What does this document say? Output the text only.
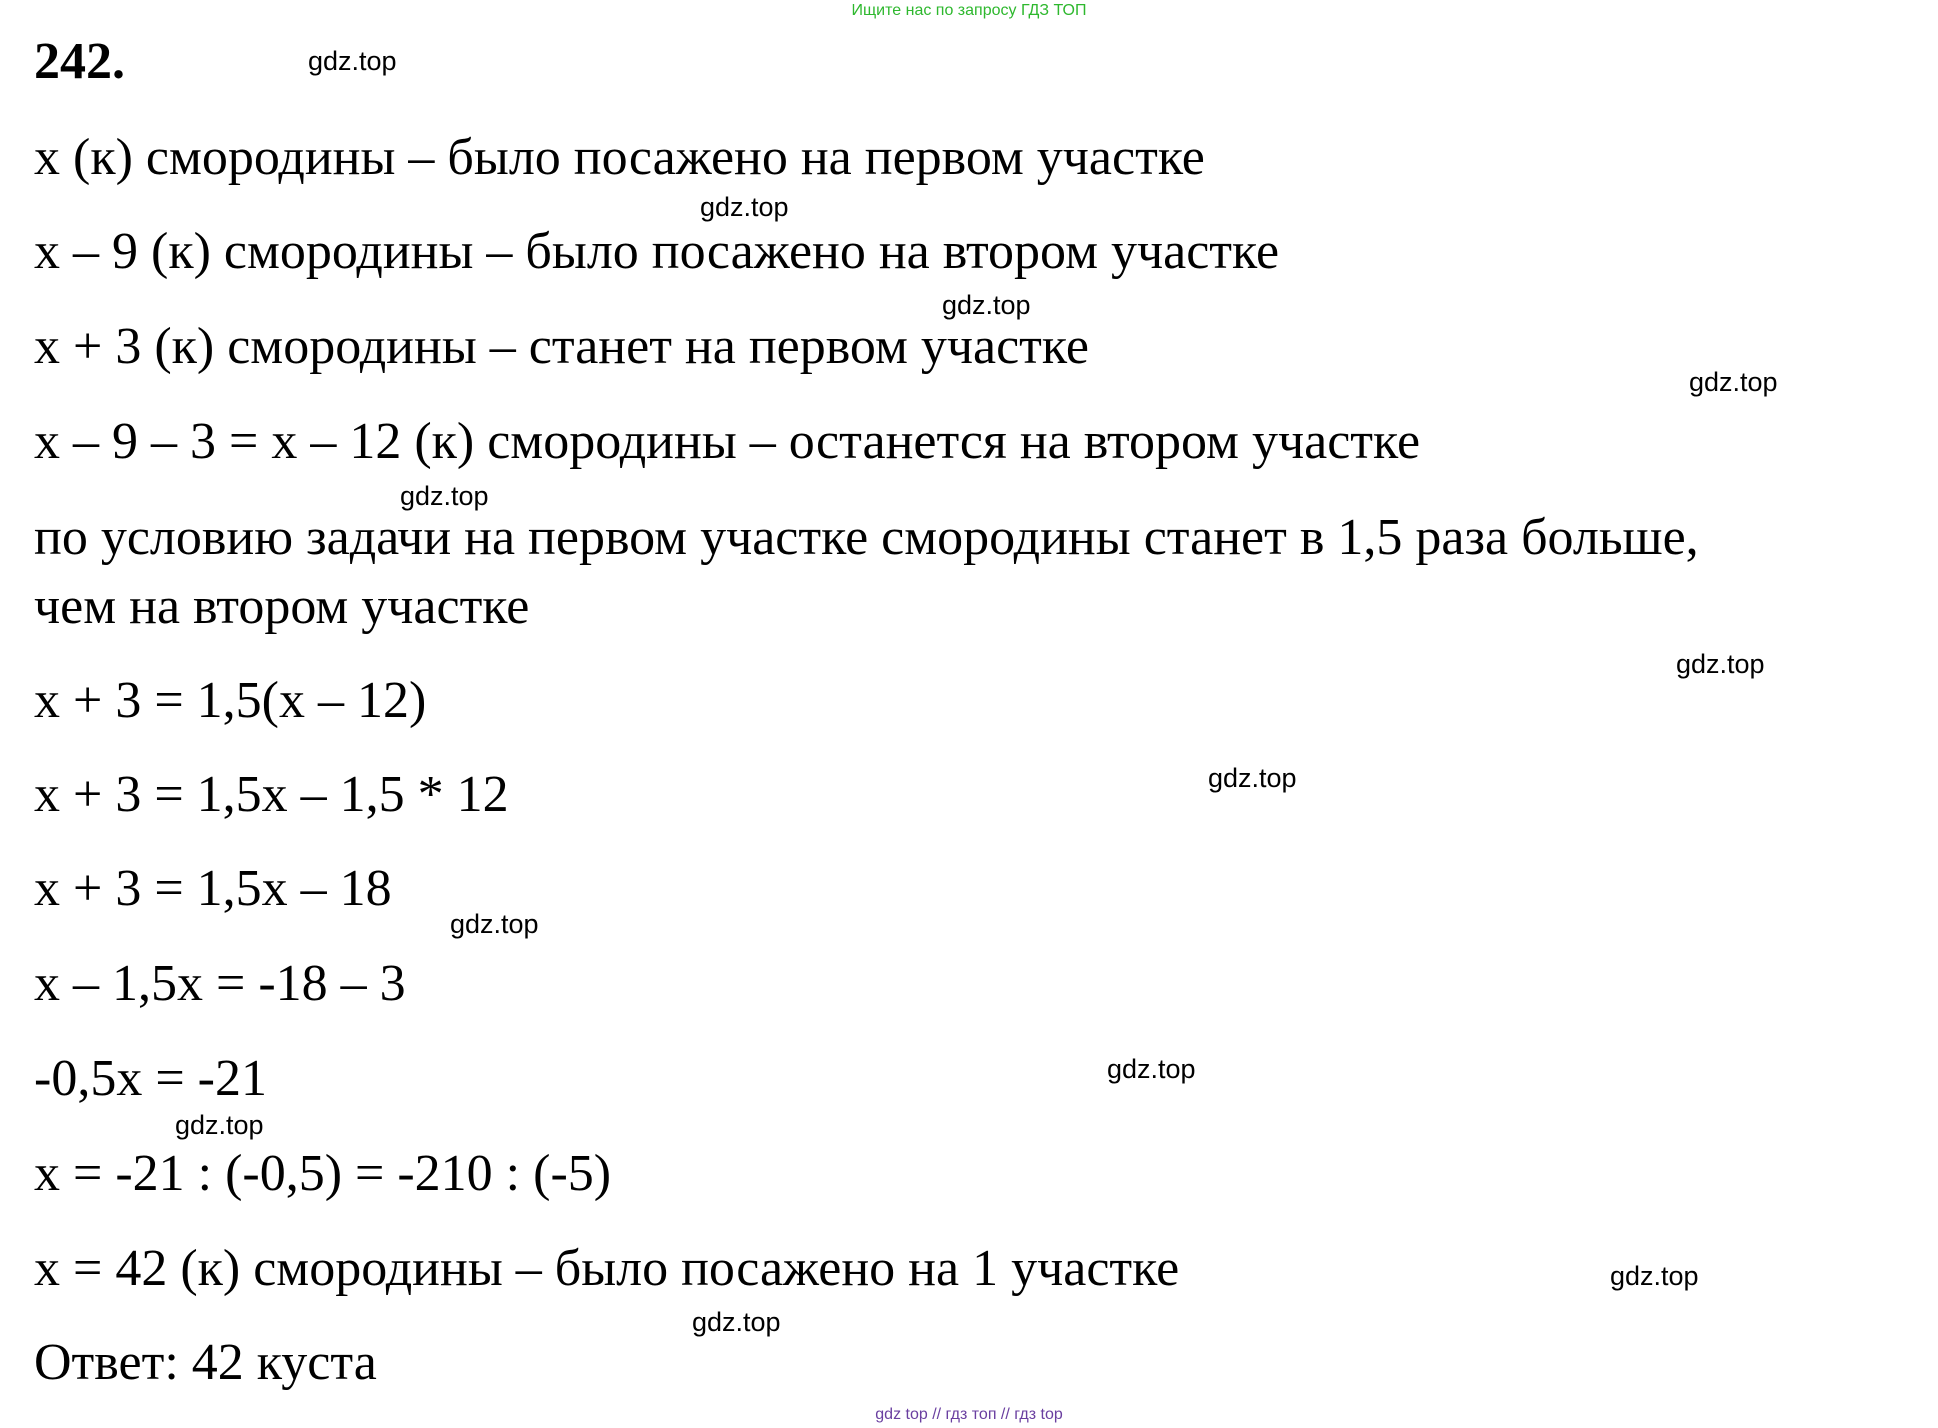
Ищите нас по запросу ГДЗ ТОП
242.	gdz.top
gdz.top
gdz.top
gdz.top
gdz.top
gdz.top
gdz.top
gdz.top
gdz.top
gdz.top
gdz.top
gdz.top
x (к) смородины – было посажено на первом участке
x – 9 (к) смородины – было посажено на втором участке
x + 3 (к) смородины – станет на первом участке
x – 9 – 3 = x – 12 (к) смородины – останется на втором участке
по условию задачи на первом участке смородины станет в 1,5 раза больше,
чем на втором участке
x + 3 = 1,5(x – 12)
x + 3 = 1,5x – 1,5 * 12
x + 3 = 1,5x – 18
x – 1,5x = -18 – 3
-0,5x = -21
x = -21 : (-0,5) = -210 : (-5)
x = 42 (к) смородины – было посажено на 1 участке
Ответ: 42 куста
gdz top // гдз топ // гдз top
